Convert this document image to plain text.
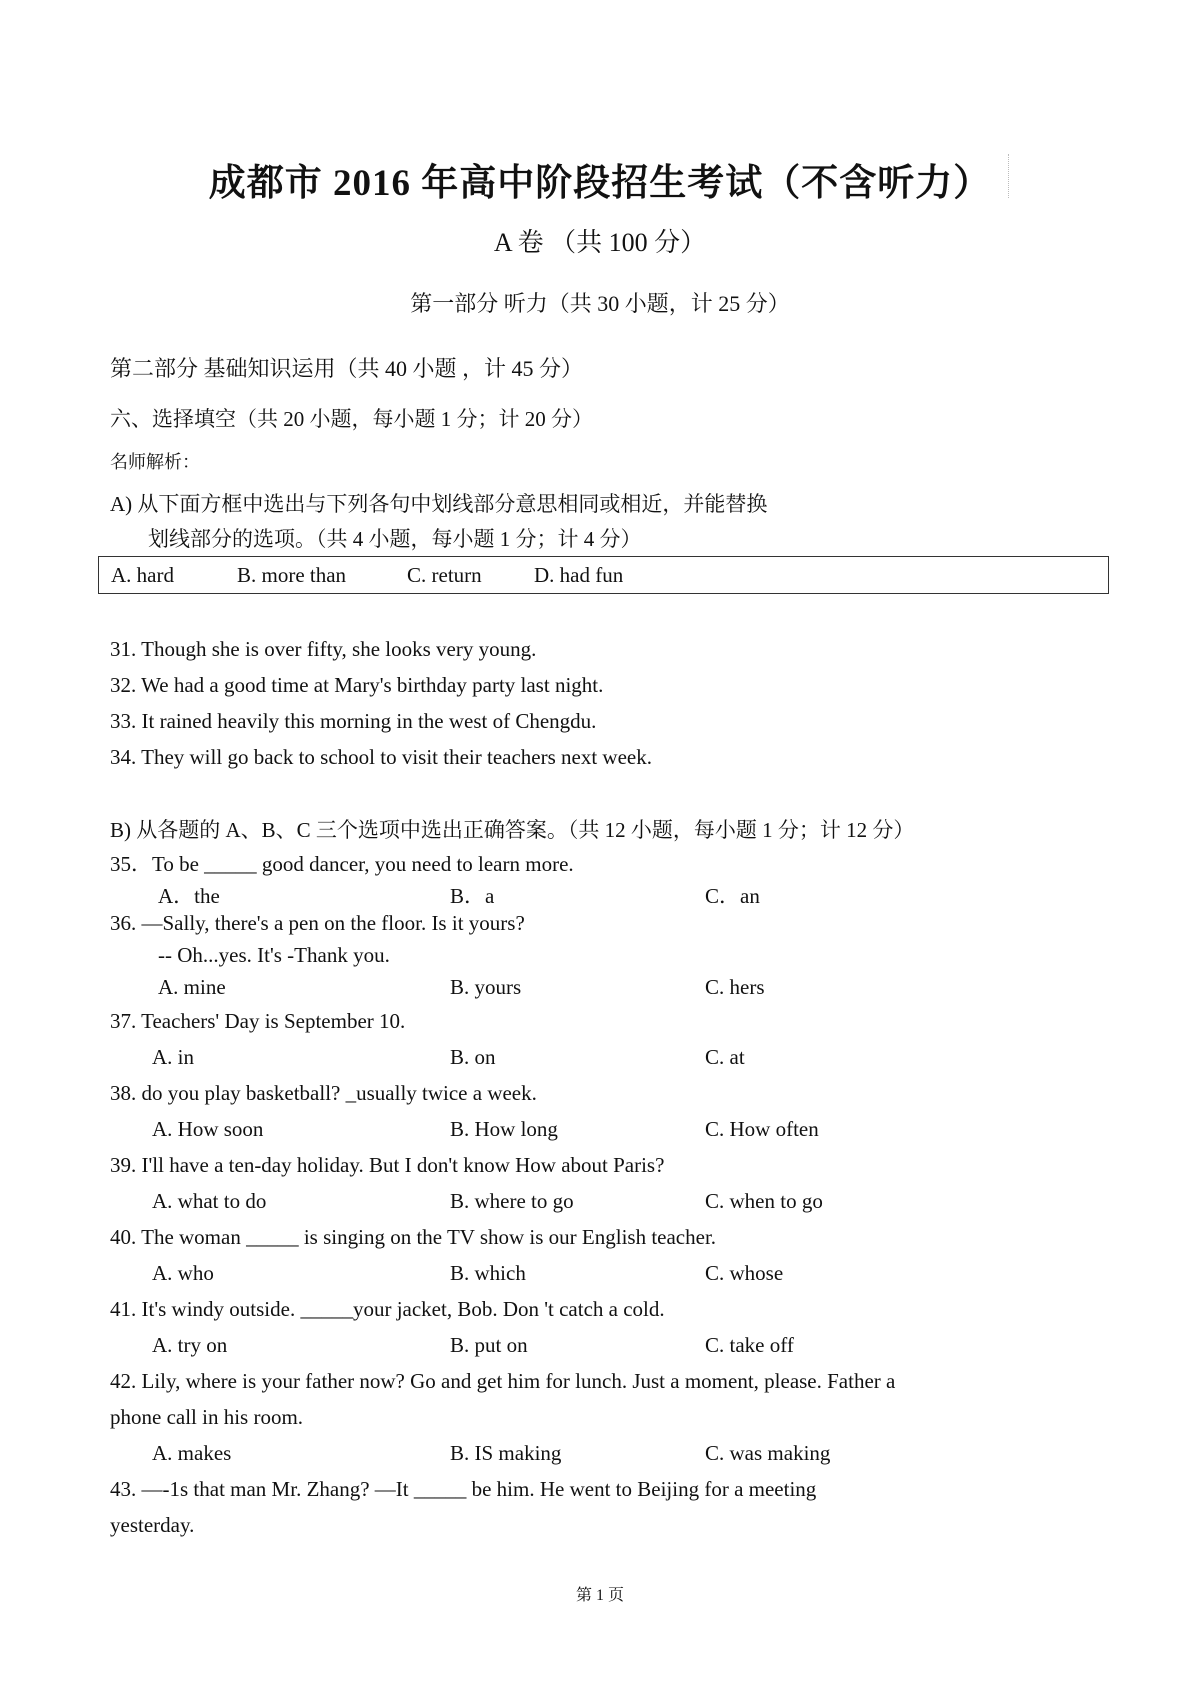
成都市 2016 年高中阶段招生考试（不含听力）
A 卷 （共 100 分）
第一部分 听力（共 30 小题，计 25 分）
第二部分 基础知识运用（共 40 小题 ，计 45 分）
六、选择填空（共 20 小题，每小题 1 分；计 20 分）
名师解析：
A) 从下面方框中选出与下列各句中划线部分意思相同或相近，并能替换
划线部分的选项。（共 4 小题，每小题 1 分；计 4 分）
A. hard	B. more than	C. return D. had fun
31. Though she is over fifty, she looks very young.
32. We had a good time at Mary's birthday party last night.
33. It rained heavily this morning in the west of Chengdu.
34. They will go back to school to visit their teachers next week.
B) 从各题的 A、B、C 三个选项中选出正确答案。（共 12 小题，每小题 1 分；计 12 分）
35．To be _____ good dancer, you need to learn more.
A．the	B．a	C．an
36. —Sally, there's a pen on the floor. Is it yours?
-- Oh...yes. It's -Thank you.
A. mine	B. yours	C. hers
37. Teachers' Day is September 10.
A. in	B. on	C. at
38. do you play basketball? _usually twice a week.
A. How soon	B. How long	C. How often
39. I'll have a ten-day holiday. But I don't know How about Paris?
A. what to do	B. where to go	C. when to go
40. The woman _____ is singing on the TV show is our English teacher.
A. who	B. which	C. whose
41. It's windy outside. _____your jacket, Bob. Don 't catch a cold.
A. try on	B. put on	C. take off
42. Lily, where is your father now? Go and get him for lunch. Just a moment, please. Father a
phone call in his room.
A. makes	B. IS making	C. was making
43. —-1s that man Mr. Zhang? —It _____ be him. He went to Beijing for a meeting
yesterday.
第 1 页
